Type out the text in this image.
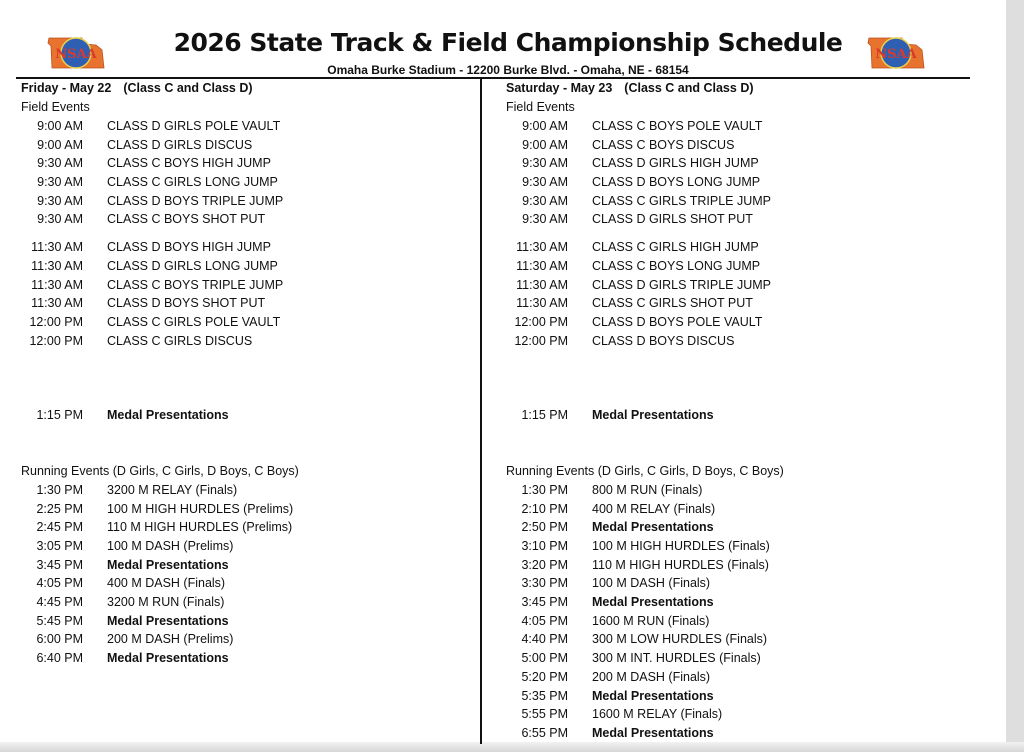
NSAA	NSAA
2026 State Track & Field Championship Schedule
Omaha Burke Stadium - 12200 Burke Blvd. - Omaha, NE - 68154
Friday - May 22 (Class C and Class D)
Field Events
9:00 AM CLASS D GIRLS POLE VAULT
9:00 AM CLASS D GIRLS DISCUS
9:30 AM CLASS C BOYS HIGH JUMP
9:30 AM CLASS C GIRLS LONG JUMP
9:30 AM CLASS D BOYS TRIPLE JUMP
9:30 AM CLASS C BOYS SHOT PUT
11:30 AM CLASS D BOYS HIGH JUMP
11:30 AM CLASS D GIRLS LONG JUMP
11:30 AM CLASS C BOYS TRIPLE JUMP
11:30 AM CLASS D BOYS SHOT PUT
12:00 PM CLASS C GIRLS POLE VAULT
12:00 PM CLASS C GIRLS DISCUS
1:15 PM Medal Presentations
Running Events (D Girls, C Girls, D Boys, C Boys)
1:30 PM 3200 M RELAY (Finals)
2:25 PM 100 M HIGH HURDLES (Prelims)
2:45 PM 110 M HIGH HURDLES (Prelims)
3:05 PM 100 M DASH (Prelims)
3:45 PM Medal Presentations
4:05 PM 400 M DASH (Finals)
4:45 PM 3200 M RUN (Finals)
5:45 PM Medal Presentations
6:00 PM 200 M DASH (Prelims)
6:40 PM Medal Presentations
Saturday - May 23 (Class C and Class D)
Field Events
9:00 AM CLASS C BOYS POLE VAULT
9:00 AM CLASS C BOYS DISCUS
9:30 AM CLASS D GIRLS HIGH JUMP
9:30 AM CLASS D BOYS LONG JUMP
9:30 AM CLASS C GIRLS TRIPLE JUMP
9:30 AM CLASS D GIRLS SHOT PUT
11:30 AM CLASS C GIRLS HIGH JUMP
11:30 AM CLASS C BOYS LONG JUMP
11:30 AM CLASS D GIRLS TRIPLE JUMP
11:30 AM CLASS C GIRLS SHOT PUT
12:00 PM CLASS D BOYS POLE VAULT
12:00 PM CLASS D BOYS DISCUS
1:15 PM Medal Presentations
Running Events (D Girls, C Girls, D Boys, C Boys)
1:30 PM 800 M RUN (Finals)
2:10 PM 400 M RELAY (Finals)
2:50 PM Medal Presentations
3:10 PM 100 M HIGH HURDLES (Finals)
3:20 PM 110 M HIGH HURDLES (Finals)
3:30 PM 100 M DASH (Finals)
3:45 PM Medal Presentations
4:05 PM 1600 M RUN (Finals)
4:40 PM 300 M LOW HURDLES (Finals)
5:00 PM 300 M INT. HURDLES (Finals)
5:20 PM 200 M DASH (Finals)
5:35 PM Medal Presentations
5:55 PM 1600 M RELAY (Finals)
6:55 PM Medal Presentations
